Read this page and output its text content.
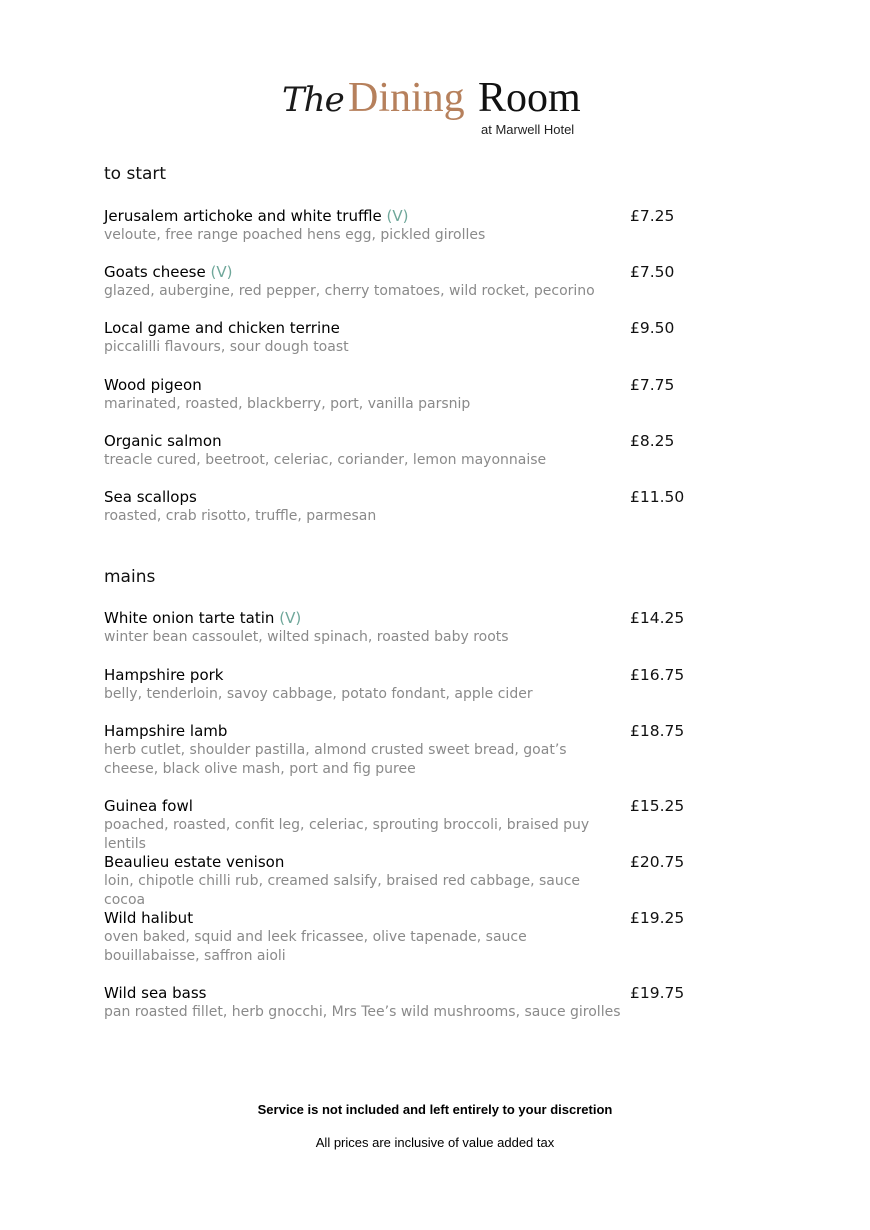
The Dining Room
at Marwell Hotel
to start
Jerusalem artichoke and white truffle (V)
veloute, free range poached hens egg, pickled girolles
£7.25
Goats cheese (V)
glazed, aubergine, red pepper, cherry tomatoes, wild rocket, pecorino
£7.50
Local game and chicken terrine
piccalilli flavours, sour dough toast
£9.50
Wood pigeon
marinated, roasted, blackberry, port, vanilla parsnip
£7.75
Organic salmon
treacle cured, beetroot, celeriac, coriander, lemon mayonnaise
£8.25
Sea scallops
roasted, crab risotto, truffle, parmesan
£11.50
mains
White onion tarte tatin (V)
winter bean cassoulet, wilted spinach, roasted baby roots
£14.25
Hampshire pork
belly, tenderloin, savoy cabbage, potato fondant, apple cider
£16.75
Hampshire lamb
herb cutlet, shoulder pastilla, almond crusted sweet bread, goat’s cheese, black olive mash, port and fig puree
£18.75
Guinea fowl
poached, roasted, confit leg, celeriac, sprouting broccoli, braised puy lentils
£15.25
Beaulieu estate venison
loin, chipotle chilli rub, creamed salsify, braised red cabbage, sauce cocoa
£20.75
Wild halibut
oven baked, squid and leek fricassee, olive tapenade, sauce bouillabaisse, saffron aioli
£19.25
Wild sea bass
pan roasted fillet, herb gnocchi, Mrs Tee’s wild mushrooms, sauce girolles
£19.75
Service is not included and left entirely to your discretion
All prices are inclusive of value added tax
